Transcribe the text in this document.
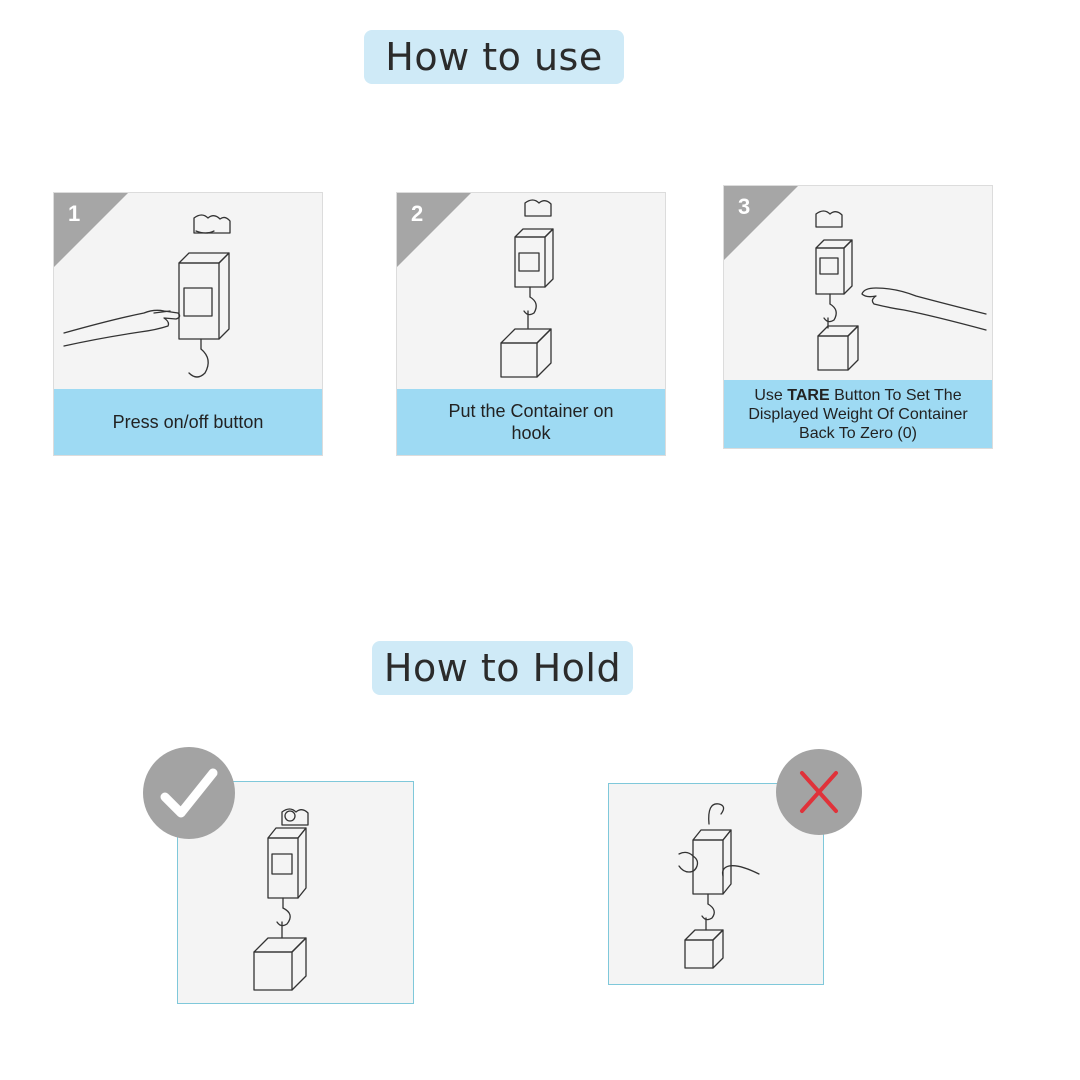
How to use
1
Press on/off button
2
Put the Container on hook
3
Use TARE Button To Set The Displayed Weight Of Container Back To Zero (0)
How to Hold
